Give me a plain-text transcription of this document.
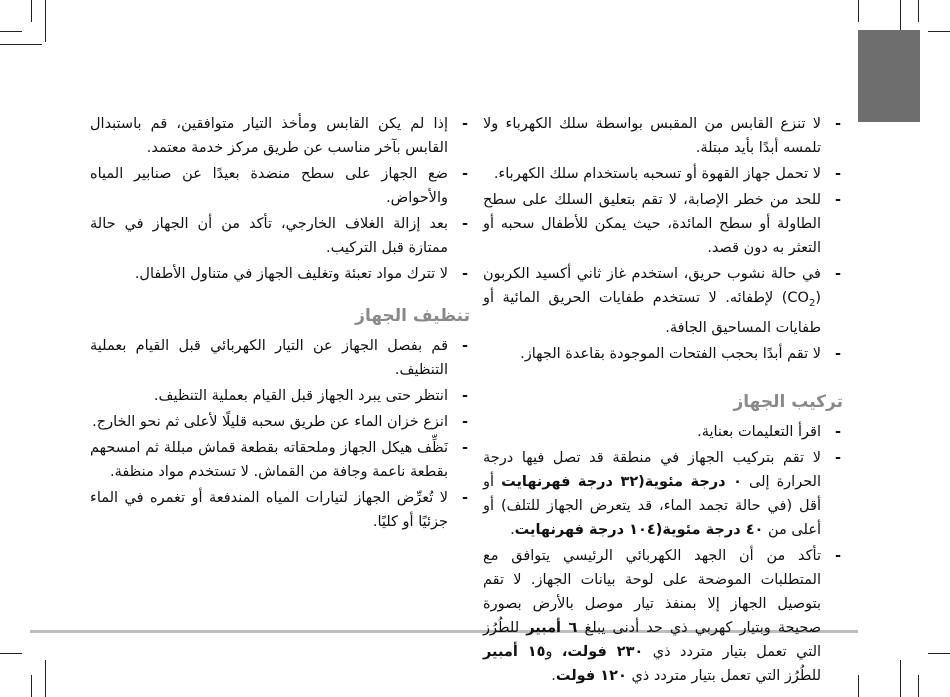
-
لا تنزع القابس من المقبس بواسطة سلك الكهرباء ولا تلمسه أبدًا بأيد مبتلة.
-
لا تحمل جهاز القهوة أو تسحبه باستخدام سلك الكهرباء.
-
للحد من خطر الإصابة، لا تقم بتعليق السلك على سطح الطاولة أو سطح المائدة، حيث يمكن للأطفال سحبه أو التعثر به دون قصد.
-
في حالة نشوب حريق، استخدم غاز ثاني أكسيد الكربون $(CO_2)$ لإطفائه. لا تستخدم طفايات الحريق المائية أو طفايات المساحيق الجافة.
-
لا تقم أبدًا بحجب الفتحات الموجودة بقاعدة الجهاز.
تركيب الجهاز
-
اقرأ التعليمات بعناية.
-
لا تقم بتركيب الجهاز في منطقة قد تصل فيها درجة الحرارة إلى ٠ درجة مئوية(٣٢ درجة فهرنهايت أو أقل (في حالة تجمد الماء، قد يتعرض الجهاز للتلف) أو أعلى من ٤٠ درجة مئوية(١٠٤ درجة فهرنهايت.
-
تأكد من أن الجهد الكهربائي الرئيسي يتوافق مع المتطلبات الموضحة على لوحة بيانات الجهاز. لا تقم بتوصيل الجهاز إلا بمنفذ تيار موصل بالأرض بصورة صحيحة وبتيار كهربي ذي حد أدنى يبلغ ٦ أمبير للطُرُز التي تعمل بتيار متردد ذي ٢٣٠ فولت، و١٥ أمبير للطُرُز التي تعمل بتيار متردد ذي ١٢٠ فولت.
-
إذا لم يكن القابس ومأخذ التيار متوافقين، قم باستبدال القابس بآخر مناسب عن طريق مركز خدمة معتمد.
-
ضع الجهاز على سطح منضدة بعيدًا عن صنابير المياه والأحواض.
-
بعد إزالة الغلاف الخارجي، تأكد من أن الجهاز في حالة ممتازة قبل التركيب.
-
لا تترك مواد تعبئة وتغليف الجهاز في متناول الأطفال.
تنظيف الجهاز
-
قم بفصل الجهاز عن التيار الكهربائي قبل القيام بعملية التنظيف.
-
انتظر حتى يبرد الجهاز قبل القيام بعملية التنظيف.
-
انزع خزان الماء عن طريق سحبه قليلًا لأعلى ثم نحو الخارج.
-
نَظِّف هيكل الجهاز وملحقاته بقطعة قماش مبللة ثم امسحهم بقطعة ناعمة وجافة من القماش. لا تستخدم مواد منظفة.
-
لا تُعرِّض الجهاز لتيارات المياه المندفعة أو تغمره في الماء جزئيًا أو كليًا.
